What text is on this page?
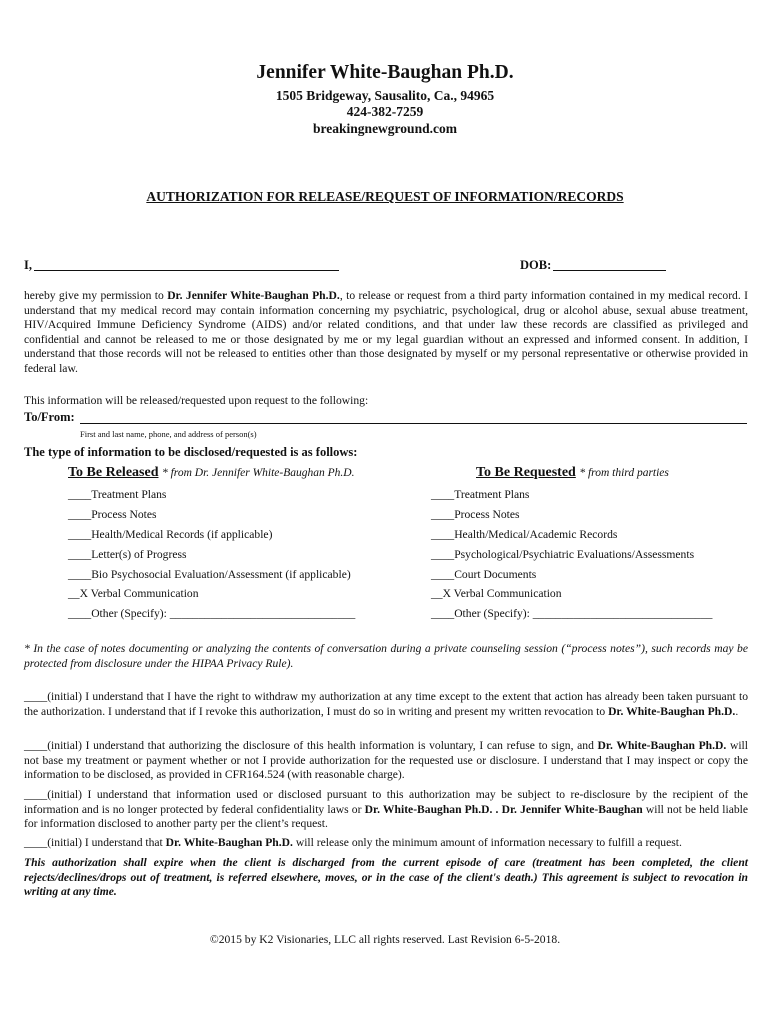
Jennifer White-Baughan Ph.D.
1505 Bridgeway, Sausalito, Ca., 94965
424-382-7259
breakingnewground.com
AUTHORIZATION FOR RELEASE/REQUEST OF INFORMATION/RECORDS
I,	DOB:
hereby give my permission to Dr. Jennifer White-Baughan Ph.D., to release or request from a third party information contained in my medical record. I understand that my medical record may contain information concerning my psychiatric, psychological, drug or alcohol abuse, sexual abuse treatment, HIV/Acquired Immune Deficiency Syndrome (AIDS) and/or related conditions, and that under law these records are classified as privileged and confidential and cannot be released to me or those designated by me or my legal guardian without an expressed and informed consent. In addition, I understand that those records will not be released to entities other than those designated by myself or my personal representative or otherwise provided in federal law.
This information will be released/requested upon request to the following:
To/From:
First and last name, phone, and address of person(s)
The type of information to be disclosed/requested is as follows:
To Be Released * from Dr. Jennifer White-Baughan Ph.D.
____Treatment Plans
____Process Notes
____Health/Medical Records (if applicable)
____Letter(s) of Progress
____Bio Psychosocial Evaluation/Assessment (if applicable)
__X Verbal Communication
____Other (Specify): ________________________________
To Be Requested * from third parties
____Treatment Plans
____Process Notes
____Health/Medical/Academic Records
____Psychological/Psychiatric Evaluations/Assessments
____Court Documents
__X Verbal Communication
____Other (Specify): _______________________________
* In the case of notes documenting or analyzing the contents of conversation during a private counseling session (“process notes”), such records may be protected from disclosure under the HIPAA Privacy Rule).
____(initial) I understand that I have the right to withdraw my authorization at any time except to the extent that action has already been taken pursuant to the authorization. I understand that if I revoke this authorization, I must do so in writing and present my written revocation to Dr. White-Baughan Ph.D..
____(initial) I understand that authorizing the disclosure of this health information is voluntary, I can refuse to sign, and Dr. White-Baughan Ph.D. will not base my treatment or payment whether or not I provide authorization for the requested use or disclosure. I understand that I may inspect or copy the information to be disclosed, as provided in CFR164.524 (with reasonable charge).
____(initial) I understand that information used or disclosed pursuant to this authorization may be subject to re-disclosure by the recipient of the information and is no longer protected by federal confidentiality laws or Dr. White-Baughan Ph.D. . Dr. Jennifer White-Baughan will not be held liable for information disclosed to another party per the client’s request.
____(initial) I understand that Dr. White-Baughan Ph.D. will release only the minimum amount of information necessary to fulfill a request.
This authorization shall expire when the client is discharged from the current episode of care (treatment has been completed, the client rejects/declines/drops out of treatment, is referred elsewhere, moves, or in the case of the client's death.) This agreement is subject to revocation in writing at any time.
©2015 by K2 Visionaries, LLC all rights reserved. Last Revision 6-5-2018.
